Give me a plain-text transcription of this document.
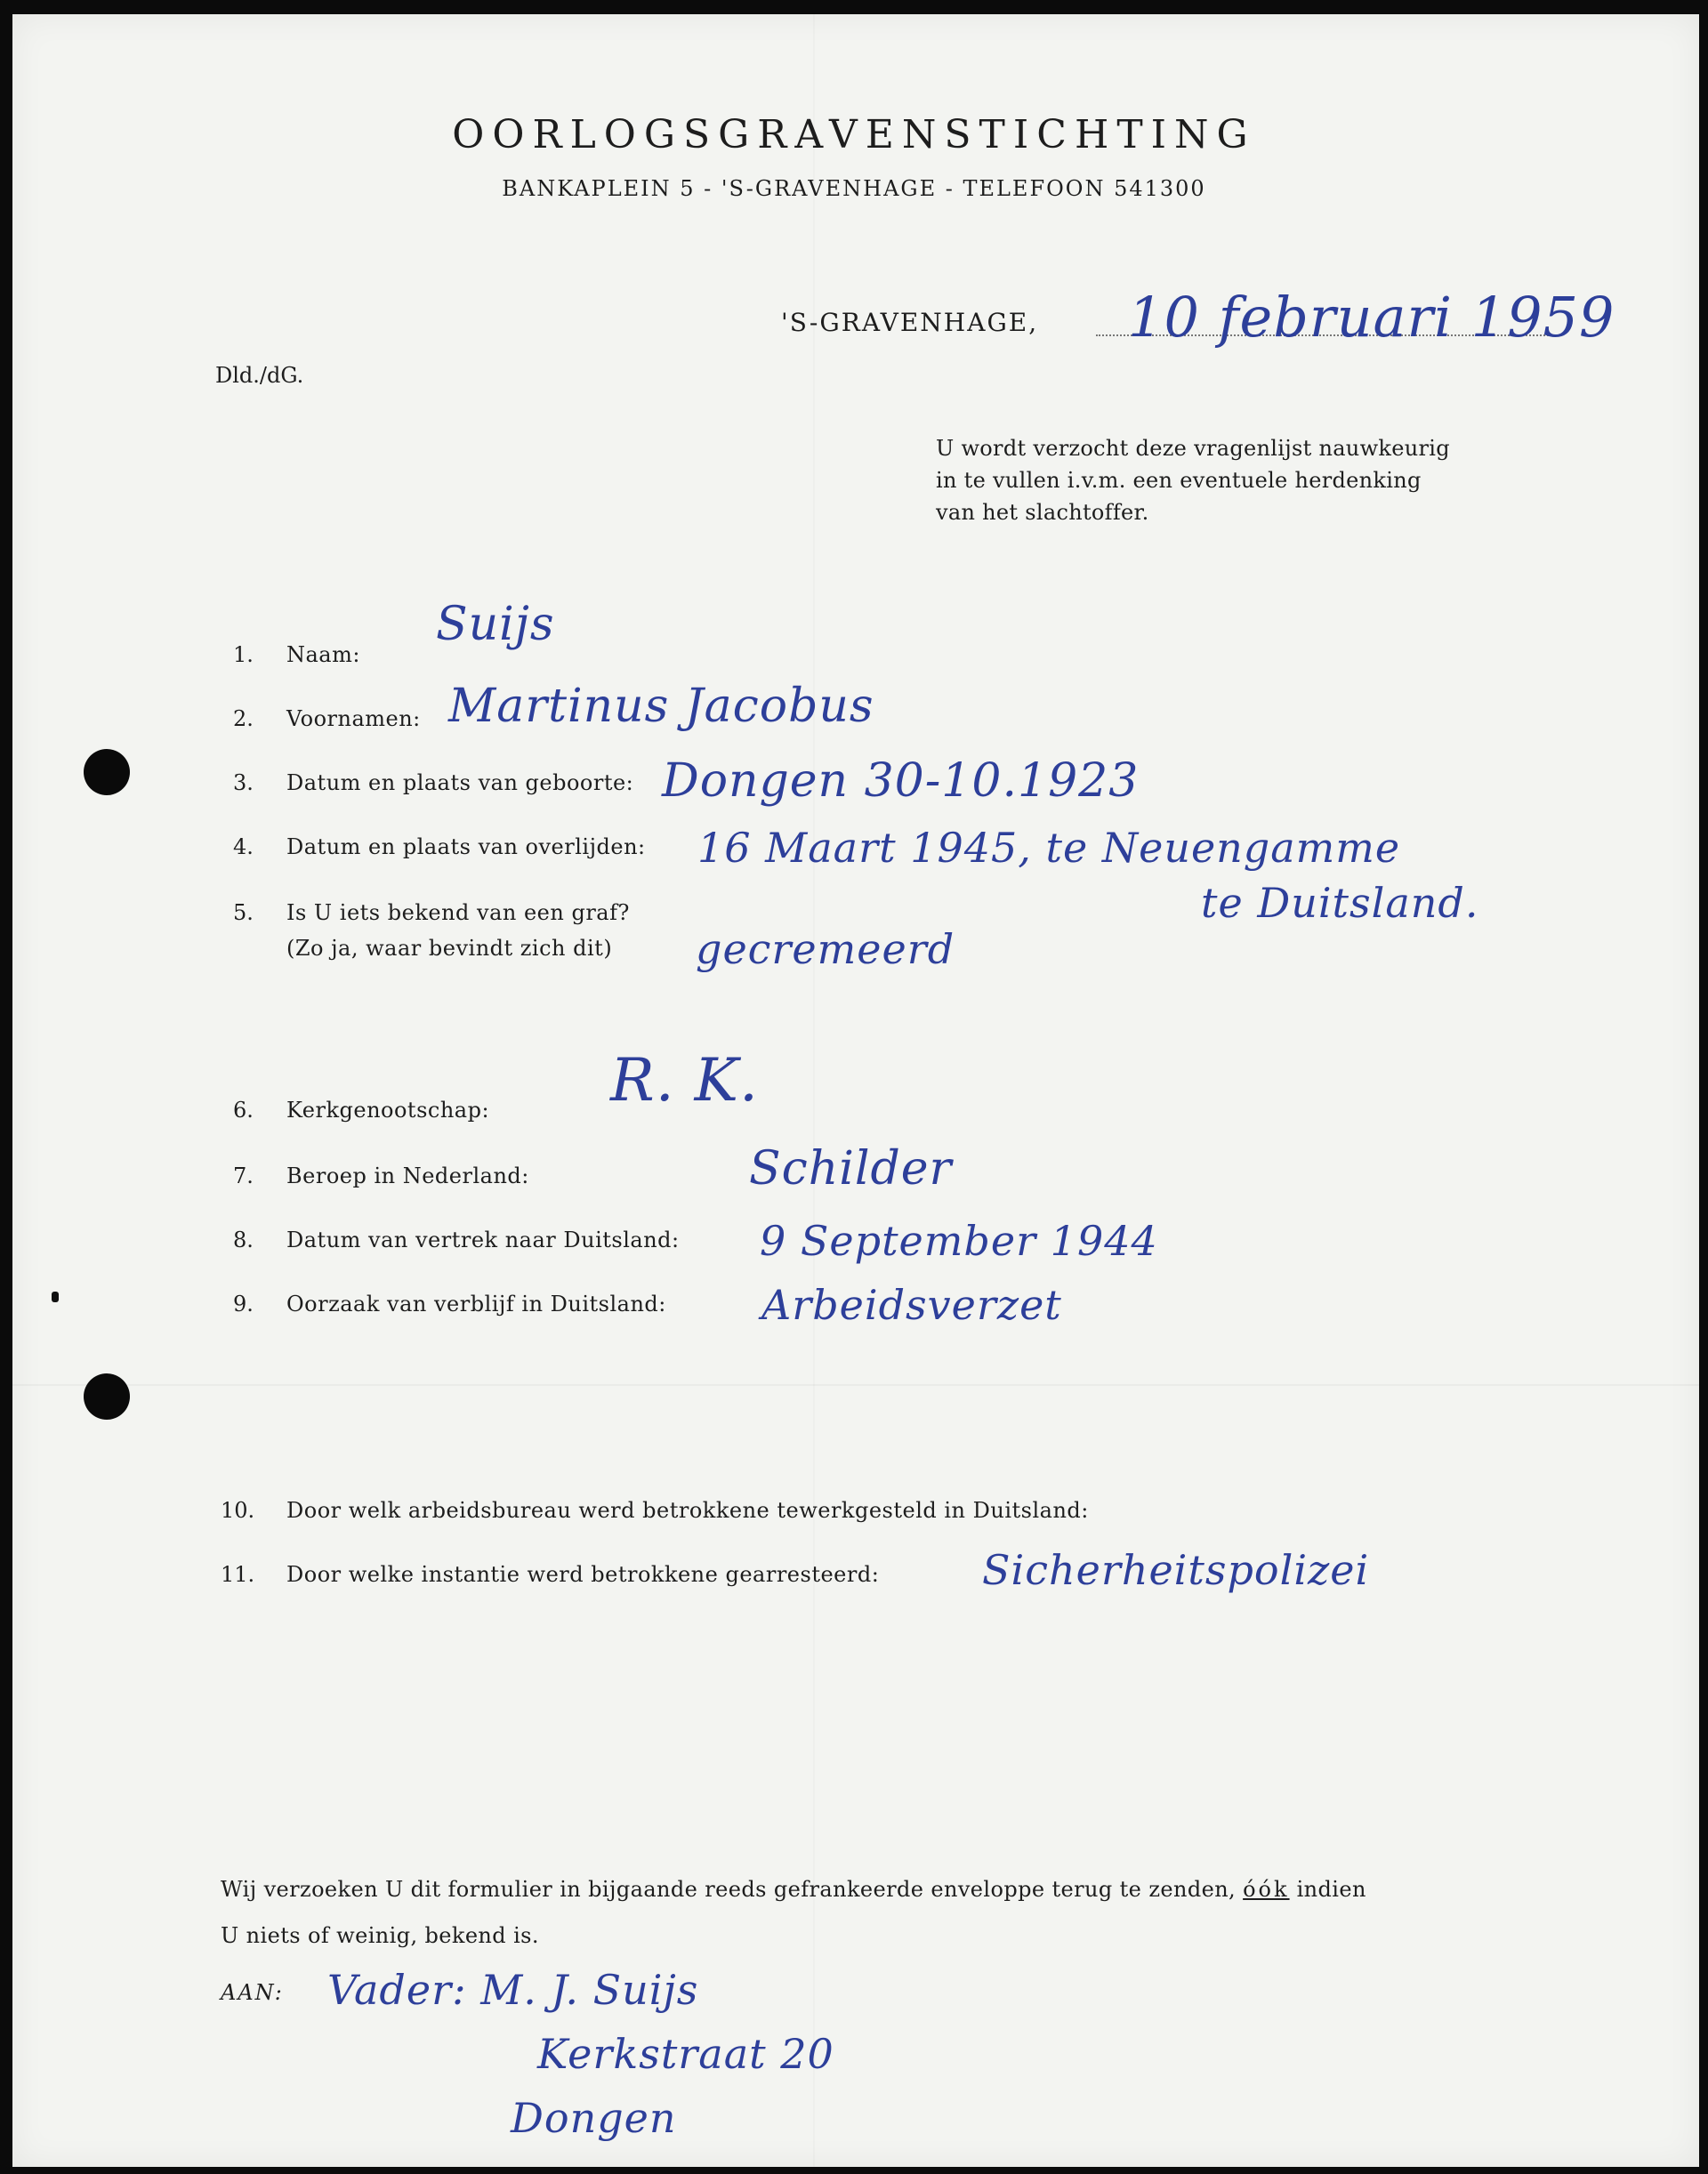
OORLOGSGRAVENSTICHTING
BANKAPLEIN 5 - 'S-GRAVENHAGE - TELEFOON 541300
'S-GRAVENHAGE, 10 februari 1959
Dld./dG.
U wordt verzocht deze vragenlijst nauwkeurig
in te vullen i.v.m. een eventuele herdenking
van het slachtoffer.
1. Naam:
Suijs
2. Voornamen: Martinus Jacobus
3. Datum en plaats van geboorte: Dongen 30-10.1923
4. Datum en plaats van overlijden: 16 Maart 1945, te Neuengamme
te Duitsland.
5. Is U iets bekend van een graf?
(Zo ja, waar bevindt zich dit) gecremeerd
6. Kerkgenootschap: R. K.
7. Beroep in Nederland:	Schilder
8. Datum van vertrek naar Duitsland: 9 September 1944
9. Oorzaak van verblijf in Duitsland: Arbeidsverzet
10. Door welk arbeidsbureau werd betrokkene tewerkgesteld in Duitsland:
11. Door welke instantie werd betrokkene gearresteerd:	Sicherheitspolizei
Wij verzoeken U dit formulier in bijgaande reeds gefrankeerde enveloppe terug te zenden, óók indien
U niets of weinig, bekend is.
AAN: Vader: M. J. Suijs
Kerkstraat 20
Dongen
